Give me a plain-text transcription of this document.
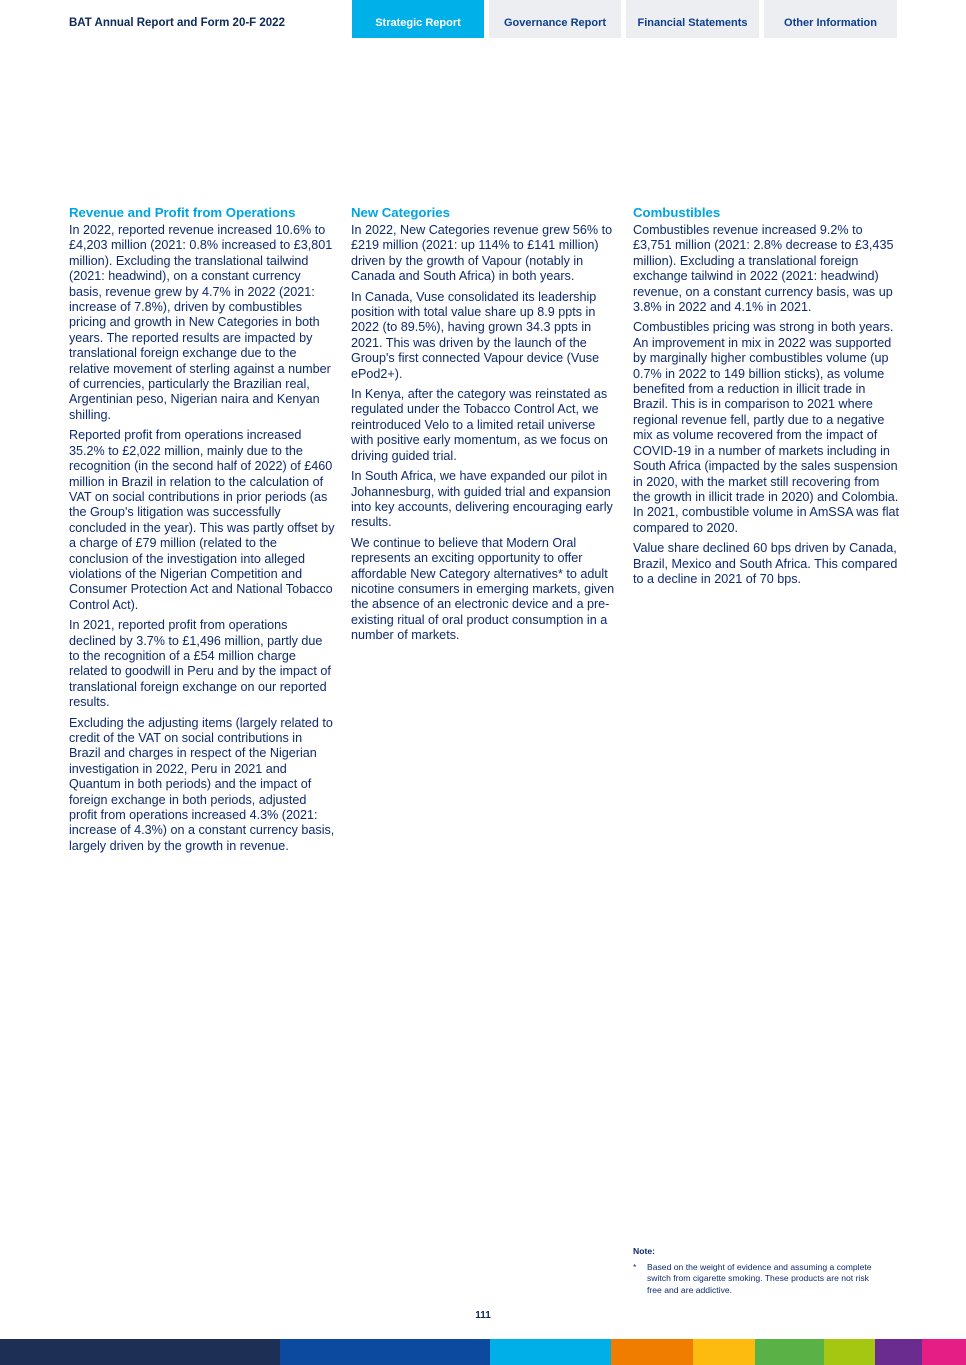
BAT Annual Report and Form 20-F 2022	Strategic Report	Governance Report	Financial Statements	Other Information
Revenue and Profit from Operations

In 2022, reported revenue increased 10.6% to £4,203 million (2021: 0.8% increased to £3,801 million). Excluding the translational tailwind (2021: headwind), on a constant currency basis, revenue grew by 4.7% in 2022 (2021: increase of 7.8%), driven by combustibles pricing and growth in New Categories in both years. The reported results are impacted by translational foreign exchange due to the relative movement of sterling against a number of currencies, particularly the Brazilian real, Argentinian peso, Nigerian naira and Kenyan shilling.

Reported profit from operations increased 35.2% to £2,022 million, mainly due to the recognition (in the second half of 2022) of £460 million in Brazil in relation to the calculation of VAT on social contributions in prior periods (as the Group's litigation was successfully concluded in the year). This was partly offset by a charge of £79 million (related to the conclusion of the investigation into alleged violations of the Nigerian Competition and Consumer Protection Act and National Tobacco Control Act).

In 2021, reported profit from operations declined by 3.7% to £1,496 million, partly due to the recognition of a £54 million charge related to goodwill in Peru and by the impact of translational foreign exchange on our reported results.

Excluding the adjusting items (largely related to credit of the VAT on social contributions in Brazil and charges in respect of the Nigerian investigation in 2022, Peru in 2021 and Quantum in both periods) and the impact of foreign exchange in both periods, adjusted profit from operations increased 4.3% (2021: increase of 4.3%) on a constant currency basis, largely driven by the growth in revenue.

New Categories

In 2022, New Categories revenue grew 56% to £219 million (2021: up 114% to £141 million) driven by the growth of Vapour (notably in Canada and South Africa) in both years.

In Canada, Vuse consolidated its leadership position with total value share up 8.9 ppts in 2022 (to 89.5%), having grown 34.3 ppts in 2021. This was driven by the launch of the Group's first connected Vapour device (Vuse ePod2+).

In Kenya, after the category was reinstated as regulated under the Tobacco Control Act, we reintroduced Velo to a limited retail universe with positive early momentum, as we focus on driving guided trial.

In South Africa, we have expanded our pilot in Johannesburg, with guided trial and expansion into key accounts, delivering encouraging early results.

We continue to believe that Modern Oral represents an exciting opportunity to offer affordable New Category alternatives* to adult nicotine consumers in emerging markets, given the absence of an electronic device and a pre-existing ritual of oral product consumption in a number of markets.

Combustibles

Combustibles revenue increased 9.2% to £3,751 million (2021: 2.8% decrease to £3,435 million). Excluding a translational foreign exchange tailwind in 2022 (2021: headwind) revenue, on a constant currency basis, was up 3.8% in 2022 and 4.1% in 2021.

Combustibles pricing was strong in both years. An improvement in mix in 2022 was supported by marginally higher combustibles volume (up 0.7% in 2022 to 149 billion sticks), as volume benefited from a reduction in illicit trade in Brazil. This is in comparison to 2021 where regional revenue fell, partly due to a negative mix as volume recovered from the impact of COVID-19 in a number of markets including in South Africa (impacted by the sales suspension in 2020, with the market still recovering from the growth in illicit trade in 2020) and Colombia. In 2021, combustible volume in AmSSA was flat compared to 2020.

Value share declined 60 bps driven by Canada, Brazil, Mexico and South Africa. This compared to a decline in 2021 of 70 bps.

Note:
* Based on the weight of evidence and assuming a complete switch from cigarette smoking. These products are not risk free and are addictive.
111
